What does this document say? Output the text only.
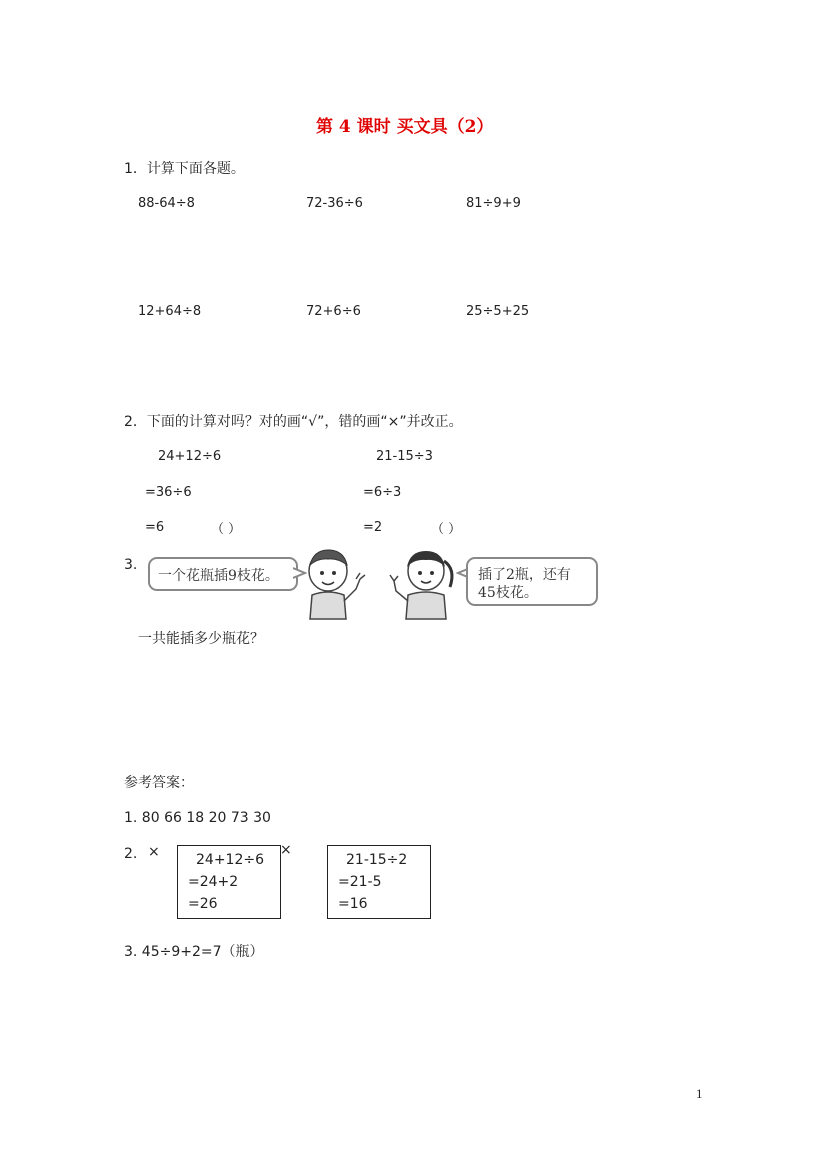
第 4 课时 买文具（2）
1．计算下面各题。
88-64÷8	72-36÷6	81÷9+9
12+64÷8	72+6÷6	25÷5+25
2．下面的计算对吗？对的画“√”，错的画“×”并改正。
24+12÷6
=36÷6
=6	（ ）
21-15÷3
=6÷3
=2	（ ）
3.
一个花瓶插9枝花。	插了2瓶，还有
45枝花。
一共能插多少瓶花？
参考答案：
1. 80 66 18 20 73 30
2. ×	24+12÷6
=24+2
=26
×
21-15÷2
=21-5
=16
3. 45÷9+2=7（瓶）
1
